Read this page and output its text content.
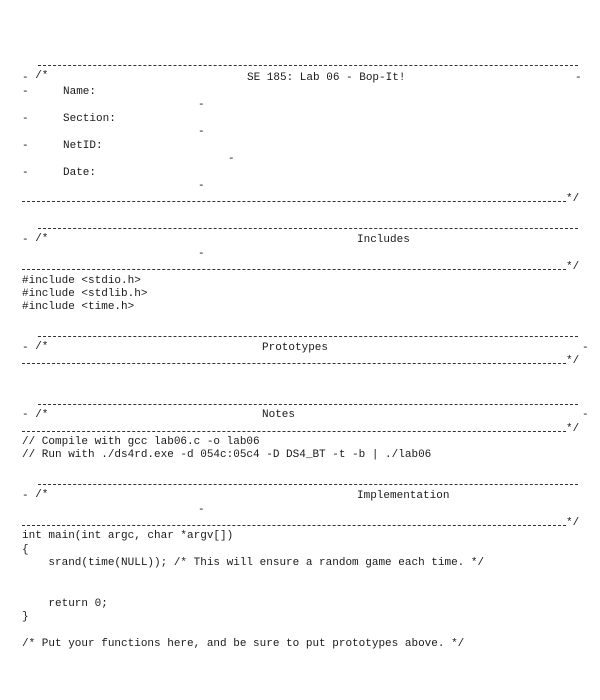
/*

-	SE 185: Lab 06 - Bop-It!	-
-	Name:
-
-	Section:
-
-	NetID:
-
-	Date:
-

*/

/*

-	Includes
-

*/
#include <stdio.h>
#include <stdlib.h>
#include <time.h>

/*

-	Prototypes	-

*/

/*

-	Notes	-

*/
// Compile with gcc lab06.c -o lab06
// Run with ./ds4rd.exe -d 054c:05c4 -D DS4_BT -t -b | ./lab06

/*

-	Implementation
-

*/
int main(int argc, char *argv[])
{
srand(time(NULL)); /* This will ensure a random game each time. */
return 0;
}
/* Put your functions here, and be sure to put prototypes above. */
